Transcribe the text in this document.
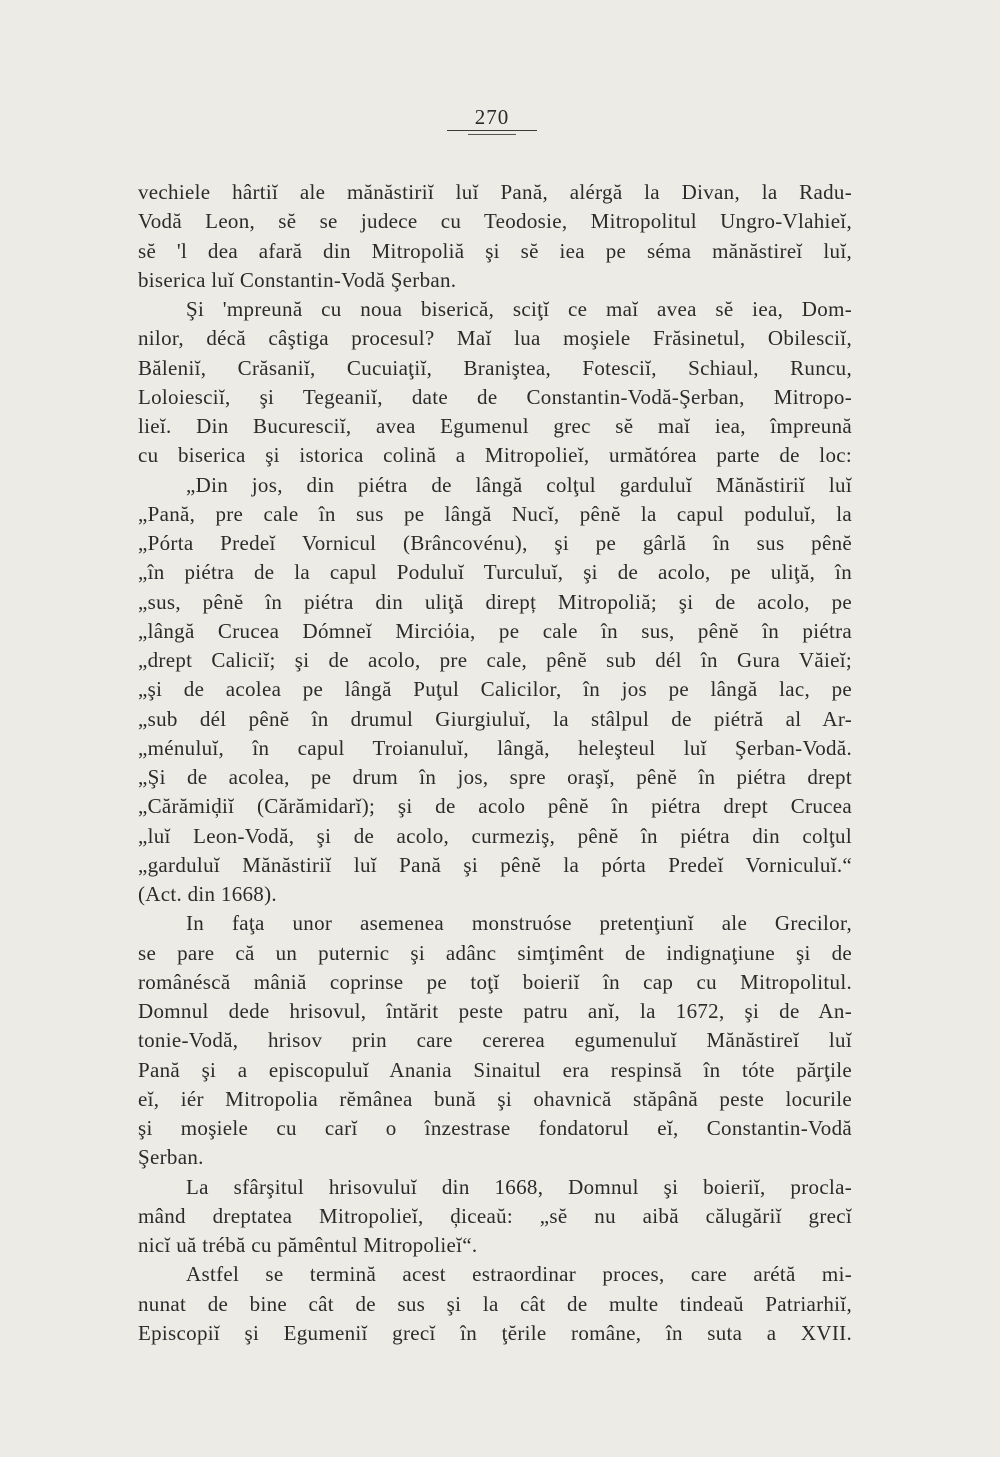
270
vechiele hârtiĭ ale mănăstiriĭ luĭ Pană, alérgă la Divan, la Radu-
Vodă Leon, sĕ se judece cu Teodosie, Mitropolitul Ungro-Vlahieĭ,
sĕ 'l dea afară din Mitropoliă şi sĕ iea pe séma mănăstireĭ luĭ,
biserica luĭ Constantin-Vodă Şerban.
Şi 'mpreună cu noua biserică, sciţĭ ce maĭ avea sĕ iea, Dom-
nilor, décă câştiga procesul? Maĭ lua moşiele Frăsinetul, Obilesciĭ,
Băleniĭ, Crăsaniĭ, Cucuiaţiĭ, Branişteа, Fotesciĭ, Schiaul, Runcu,
Loloiesciĭ, şi Tegeaniĭ, date de Constantin-Vodă-Şerban, Mitropo-
lieĭ. Din Bucuresciĭ, avea Egumenul grec sĕ maĭ iea, împreună
cu biserica şi istorica colină a Mitropolieĭ, următórea parte de loc:
„Din jos, din piétra de lângă colţul garduluĭ Mănăstiriĭ luĭ
„Pană, pre cale în sus pe lângă Nucĭ, pênĕ la capul poduluĭ, la
„Pórta Predeĭ Vornicul (Brâncovénu), şi pe gârlă în sus pênĕ
„în piétra de la capul Poduluĭ Turculuĭ, şi de acolo, pe uliţă, în
„sus, pênĕ în piétra din uliţă direpț Mitropoliă; şi de acolo, pe
„lângă Crucea Dómneĭ Mirciόia, pe cale în sus, pênĕ în piétra
„drept Caliciĭ; şi de acolo, pre cale, pênĕ sub dél în Gura Văieĭ;
„şi de acolea pe lângă Puţul Calicilor, în jos pe lângă lac, pe
„sub dél pênĕ în drumul Giurgiuluĭ, la stâlpul de piétră al Ar-
„ménuluĭ, în capul Troianuluĭ, lângă, heleşteul luĭ Şerban-Vodă.
„Şi de acolea, pe drum în jos, spre oraşĭ, pênĕ în piétra drept
„Cărămiḑiĭ (Cărămidarĭ); şi de acolo pênĕ în piétra drept Crucea
„luĭ Leon-Vodă, şi de acolo, curmeziş, pênĕ în piétra din colţul
„garduluĭ Mănăstiriĭ luĭ Pană şi pênĕ la pórta Predeĭ Vorniculuĭ.“
(Act. din 1668).
In faţa unor asemenea monstruóse pretenţiunĭ ale Grecilor,
se pare că un puternic şi adânc simţimênt de indignaţiune şi de
românéscă mâniă coprinse pe toţĭ boieriĭ în cap cu Mitropolitul.
Domnul dede hrisovul, întărit peste patru anĭ, la 1672, şi de An-
tonie-Vodă, hrisov prin care cererea egumenuluĭ Mănăstireĭ luĭ
Pană şi a episcopuluĭ Anania Sinaitul era respinsă în tóte părţile
eĭ, iér Mitropolia rĕmânea bună şi ohavnică stăpână peste locurile
şi moşiele cu carĭ o înzestrase fondatorul eĭ, Constantin-Vodă
Şerban.
La sfârşitul hrisovuluĭ din 1668, Domnul şi boieriĭ, procla-
mând dreptatea Mitropolieĭ, ḑiceaŭ: „sĕ nu aibă călugăriĭ grecĭ
nicĭ uă trébă cu pămêntul Mitropolieĭ“.
Astfel se termină acest estraordinar proces, care arétă mi-
nunat de bine cât de sus şi la cât de multe tindeaŭ Patriarhiĭ,
Episcopiĭ şi Egumeniĭ grecĭ în ţĕrile române, în suta a XVII.
